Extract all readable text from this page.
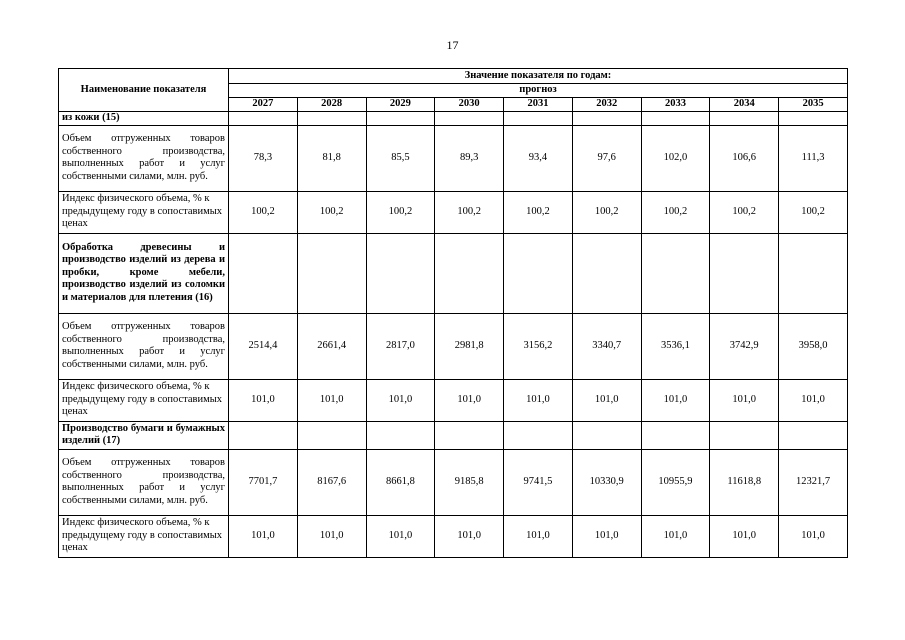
17
Наименование показателя	Значение показателя по годам:								
	прогноз								
	2027	2028	2029	2030	2031	2032	2033	2034	2035
из кожи (15)									
Объем отгруженных товаров собственного производства, выполненных работ и услуг собственными силами, млн. руб.	78,3	81,8	85,5	89,3	93,4	97,6	102,0	106,6	111,3
Индекс физического объема, % к предыдущему году в сопоставимых ценах	100,2	100,2	100,2	100,2	100,2	100,2	100,2	100,2	100,2
Обработка древесины и производство изделий из дерева и пробки, кроме мебели, производство изделий из соломки и материалов для плетения (16)									
Объем отгруженных товаров собственного производства, выполненных работ и услуг собственными силами, млн. руб.	2514,4	2661,4	2817,0	2981,8	3156,2	3340,7	3536,1	3742,9	3958,0
Индекс физического объема, % к предыдущему году в сопоставимых ценах	101,0	101,0	101,0	101,0	101,0	101,0	101,0	101,0	101,0
Производство бумаги и бумажных изделий (17)									
Объем отгруженных товаров собственного производства, выполненных работ и услуг собственными силами, млн. руб.	7701,7	8167,6	8661,8	9185,8	9741,5	10330,9	10955,9	11618,8	12321,7
Индекс физического объема, % к предыдущему году в сопоставимых ценах	101,0	101,0	101,0	101,0	101,0	101,0	101,0	101,0	101,0
